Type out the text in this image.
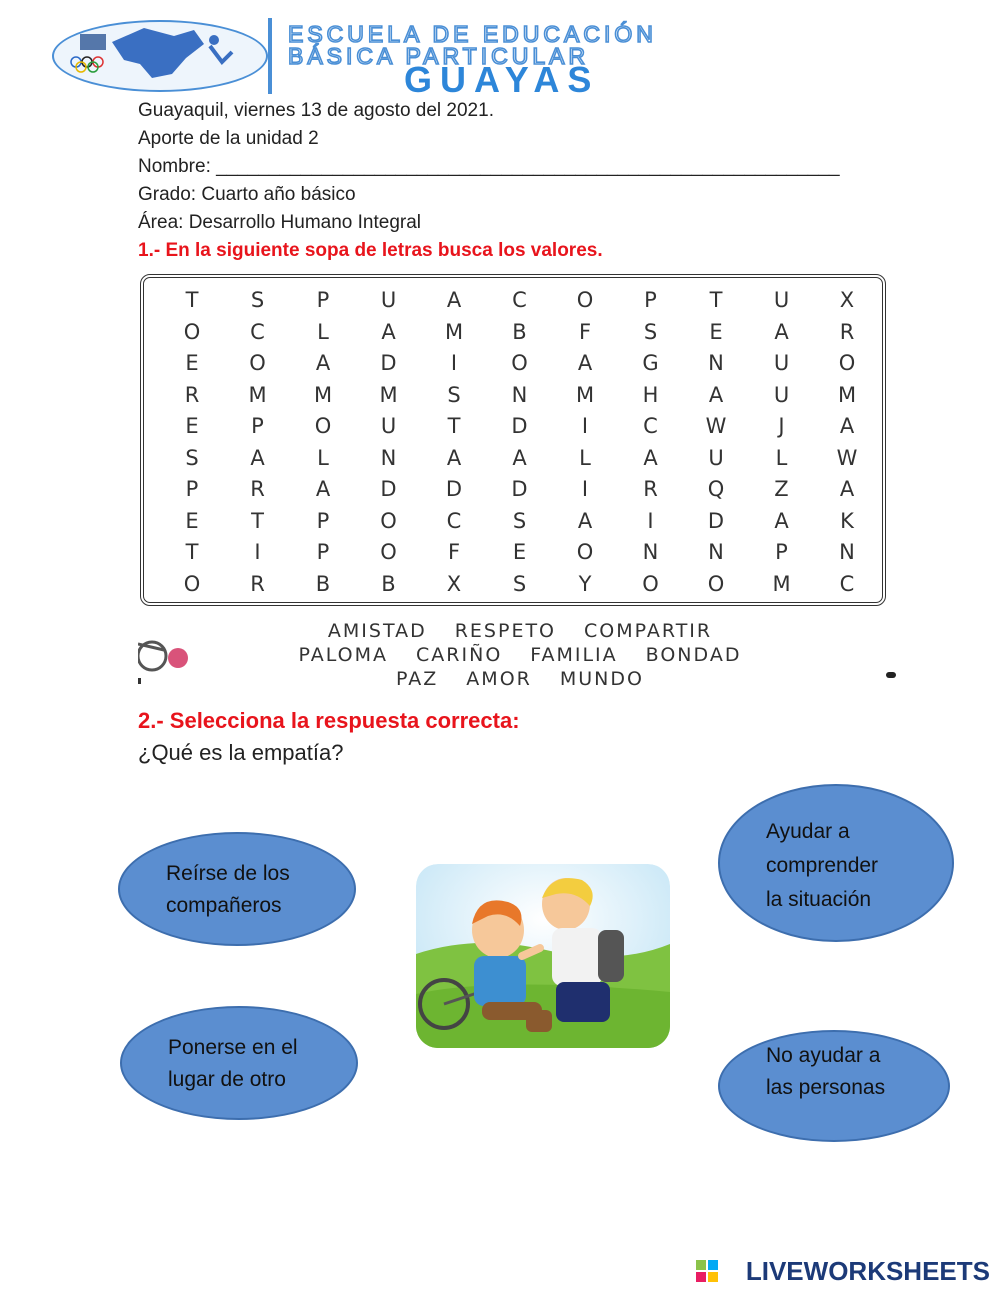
ESCUELA DE EDUCACIÓN
BÁSICA PARTICULAR
GUAYAS
Guayaquil, viernes 13 de agosto del 2021.
Aporte de la unidad 2
Nombre: ___________________________________________________________
Grado: Cuarto año básico
Área: Desarrollo Humano Integral
1.- En la siguiente sopa de letras busca los valores.
T	S	P	U	A	C	O	P	T	U	X
O	C	L	A	M	B	F	S	E	A	R
E	O	A	D	I	O	A	G	N	U	O
R	M	M	M	S	N	M	H	A	U	M
E	P	O	U	T	D	I	C	W	J	A
S	A	L	N	A	A	L	A	U	L	W
P	R	A	D	D	D	I	R	Q	Z	A
E	T	P	O	C	S	A	I	D	A	K
T	I	P	O	F	E	O	N	N	P	N
O	R	B	B	X	S	Y	O	O	M	C
AMISTAD RESPETO COMPARTIR
PALOMA CARIÑO FAMILIA BONDAD
PAZ AMOR MUNDO
2.- Selecciona la respuesta correcta:
¿Qué es la empatía?
Reírse de los
compañeros
Ayudar a
comprender
la situación
Ponerse en el
lugar de otro
No ayudar a
las personas
LIVEWORKSHEETS
